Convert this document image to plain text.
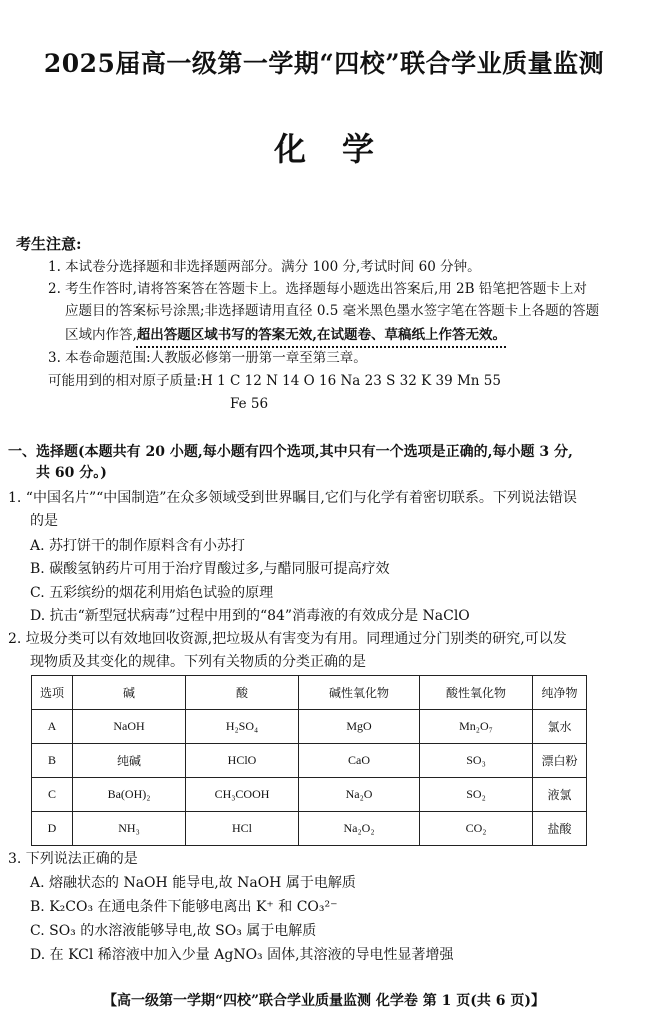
2025届高一级第一学期“四校”联合学业质量监测
化 学
考生注意:
1. 本试卷分选择题和非选择题两部分。满分 100 分,考试时间 60 分钟。
2. 考生作答时,请将答案答在答题卡上。选择题每小题选出答案后,用 2B 铅笔把答题卡上对
应题目的答案标号涂黑;非选择题请用直径 0.5 毫米黑色墨水签字笔在答题卡上各题的答题
区域内作答,超出答题区域书写的答案无效,在试题卷、草稿纸上作答无效。
3. 本卷命题范围:人教版必修第一册第一章至第三章。
可能用到的相对原子质量:H 1 C 12 N 14 O 16 Na 23 S 32 K 39 Mn 55
Fe 56
一、选择题(本题共有 20 小题,每小题有四个选项,其中只有一个选项是正确的,每小题 3 分,
共 60 分。)
1. “中国名片”“中国制造”在众多领域受到世界瞩目,它们与化学有着密切联系。下列说法错误
的是
A. 苏打饼干的制作原料含有小苏打
B. 碳酸氢钠药片可用于治疗胃酸过多,与醋同服可提高疗效
C. 五彩缤纷的烟花利用焰色试验的原理
D. 抗击“新型冠状病毒”过程中用到的“84”消毒液的有效成分是 NaClO
2. 垃圾分类可以有效地回收资源,把垃圾从有害变为有用。同理通过分门别类的研究,可以发
现物质及其变化的规律。下列有关物质的分类正确的是
选项	碱	酸	碱性氧化物	酸性氧化物	纯净物
A	NaOH	H₂SO₄	MgO	Mn₂O₇	氯水
B	纯碱	HClO	CaO	SO₃	漂白粉
C	Ba(OH)₂	CH₃COOH	Na₂O	SO₂	液氯
D	NH₃	HCl	Na₂O₂	CO₂	盐酸
3. 下列说法正确的是
A. 熔融状态的 NaOH 能导电,故 NaOH 属于电解质
B. K₂CO₃ 在通电条件下能够电离出 K⁺ 和 CO₃²⁻
C. SO₃ 的水溶液能够导电,故 SO₃ 属于电解质
D. 在 KCl 稀溶液中加入少量 AgNO₃ 固体,其溶液的导电性显著增强
【高一级第一学期“四校”联合学业质量监测 化学卷 第 1 页(共 6 页)】
